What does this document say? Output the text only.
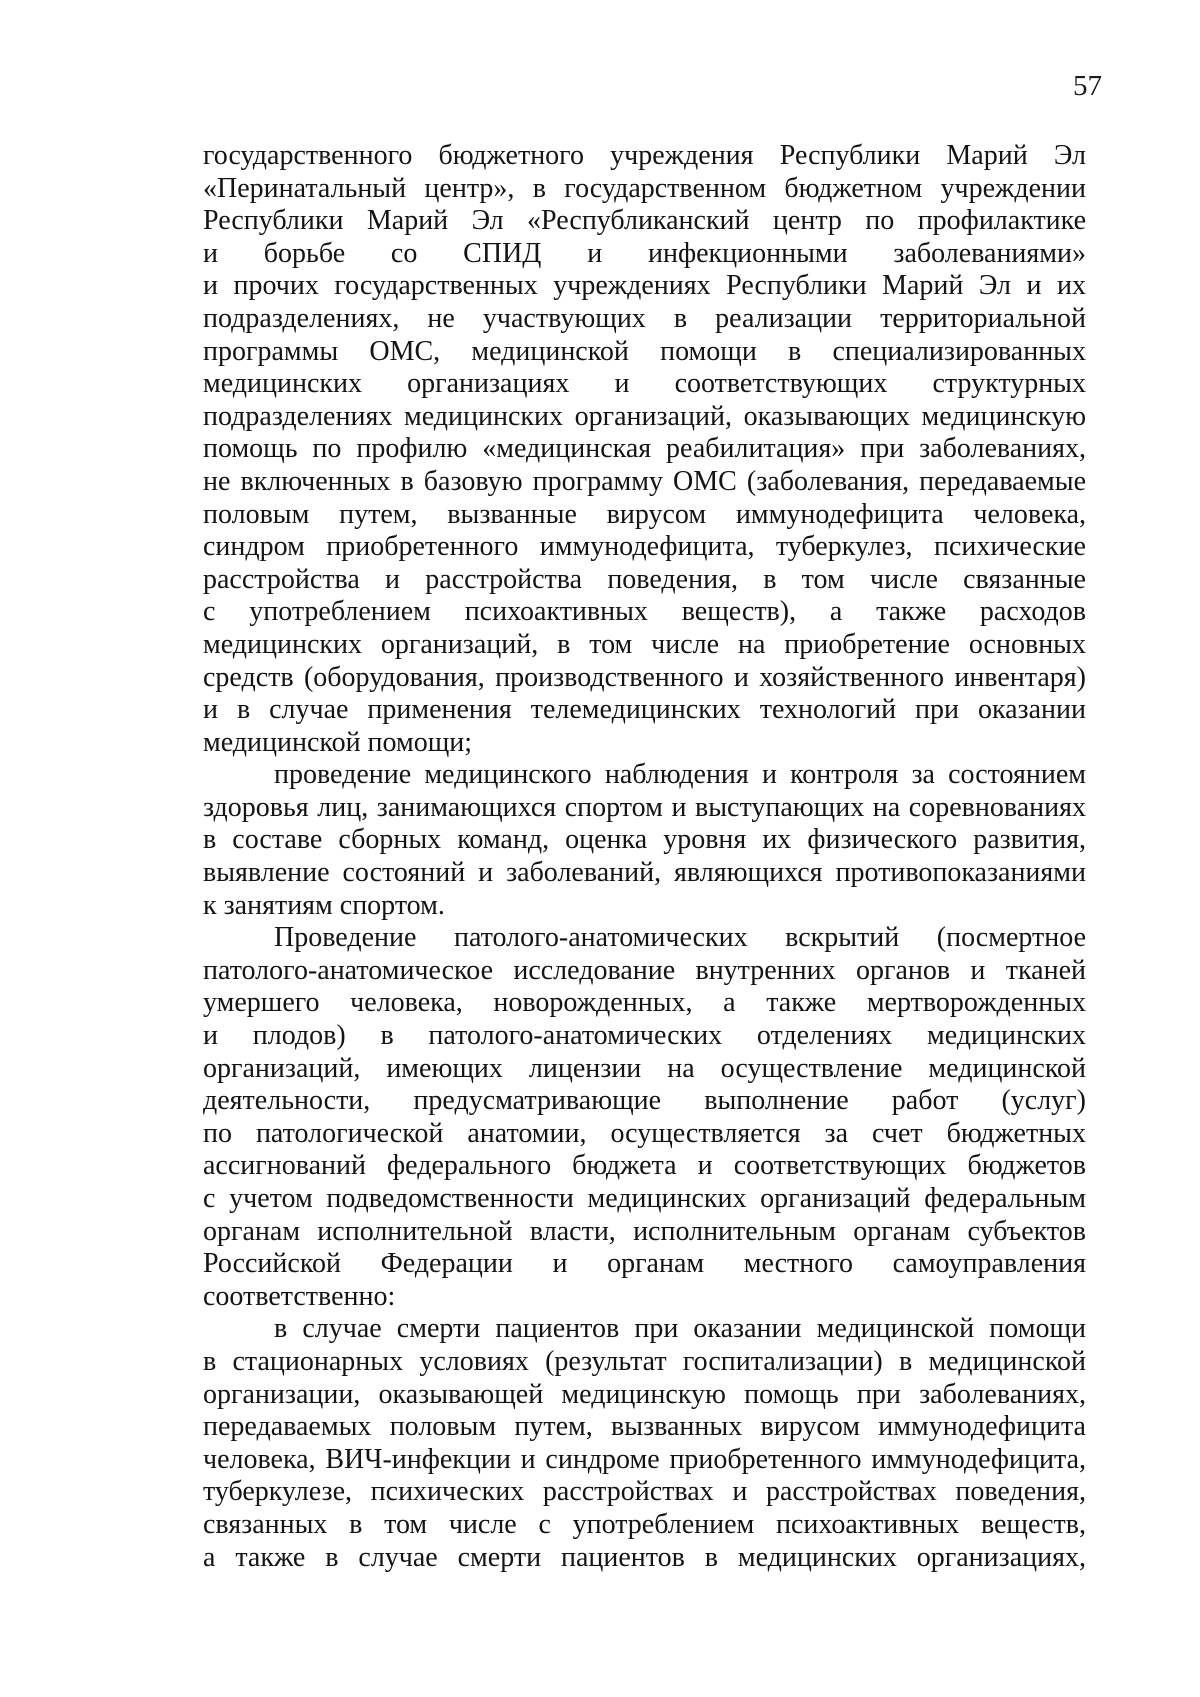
57

государственного бюджетного учреждения Республики Марий Эл
«Перинатальный центр», в государственном бюджетном учреждении
Республики Марий Эл «Республиканский центр по профилактике
и борьбе со СПИД и инфекционными заболеваниями»
и прочих государственных учреждениях Республики Марий Эл и их
подразделениях, не участвующих в реализации территориальной
программы ОМС, медицинской помощи в специализированных
медицинских организациях и соответствующих структурных
подразделениях медицинских организаций, оказывающих медицинскую
помощь по профилю «медицинская реабилитация» при заболеваниях,
не включенных в базовую программу ОМС (заболевания, передаваемые
половым путем, вызванные вирусом иммунодефицита человека,
синдром приобретенного иммунодефицита, туберкулез, психические
расстройства и расстройства поведения, в том числе связанные
с употреблением психоактивных веществ), а также расходов
медицинских организаций, в том числе на приобретение основных
средств (оборудования, производственного и хозяйственного инвентаря)
и в случае применения телемедицинских технологий при оказании
медицинской помощи;

проведение медицинского наблюдения и контроля за состоянием
здоровья лиц, занимающихся спортом и выступающих на соревнованиях
в составе сборных команд, оценка уровня их физического развития,
выявление состояний и заболеваний, являющихся противопоказаниями
к занятиям спортом.

Проведение патолого-анатомических вскрытий (посмертное
патолого-анатомическое исследование внутренних органов и тканей
умершего человека, новорожденных, а также мертворожденных
и плодов) в патолого-анатомических отделениях медицинских
организаций, имеющих лицензии на осуществление медицинской
деятельности, предусматривающие выполнение работ (услуг)
по патологической анатомии, осуществляется за счет бюджетных
ассигнований федерального бюджета и соответствующих бюджетов
с учетом подведомственности медицинских организаций федеральным
органам исполнительной власти, исполнительным органам субъектов
Российской Федерации и органам местного самоуправления
соответственно:

в случае смерти пациентов при оказании медицинской помощи
в стационарных условиях (результат госпитализации) в медицинской
организации, оказывающей медицинскую помощь при заболеваниях,
передаваемых половым путем, вызванных вирусом иммунодефицита
человека, ВИЧ-инфекции и синдроме приобретенного иммунодефицита,
туберкулезе, психических расстройствах и расстройствах поведения,
связанных в том числе с употреблением психоактивных веществ,
а также в случае смерти пациентов в медицинских организациях,
